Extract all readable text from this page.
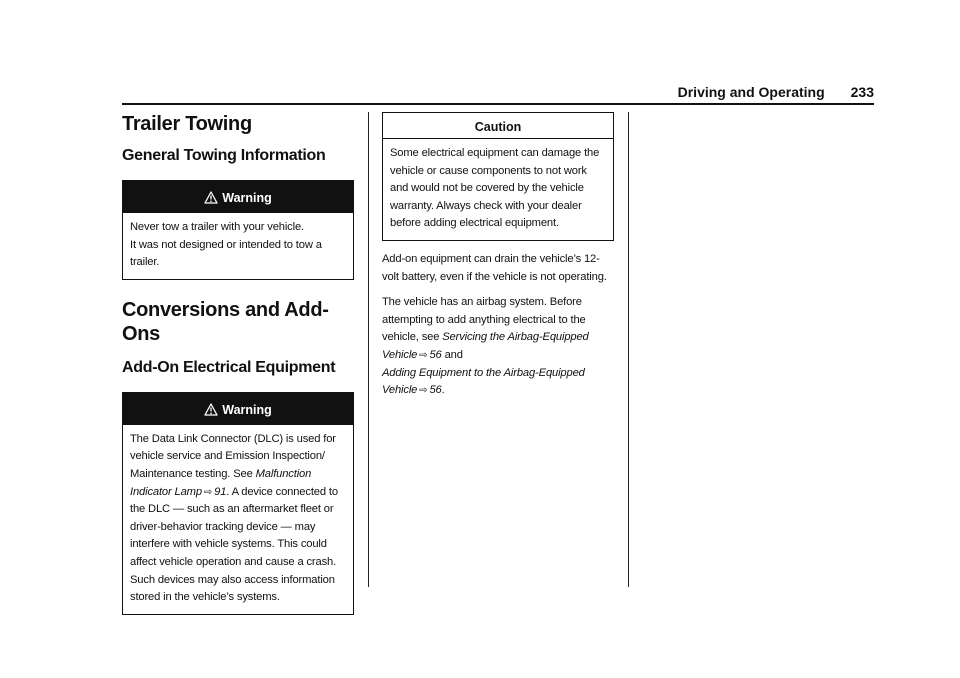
Driving and Operating 233
Trailer Towing
General Towing Information
Warning
Never tow a trailer with your vehicle.
It was not designed or intended to tow a trailer.
Conversions and Add-Ons
Add-On Electrical Equipment
Warning
The Data Link Connector (DLC) is used for vehicle service and Emission Inspection/ Maintenance testing. See Malfunction Indicator Lamp ⇨ 91. A device connected to the DLC — such as an aftermarket fleet or driver-behavior tracking device — may interfere with vehicle systems. This could affect vehicle operation and cause a crash. Such devices may also access information stored in the vehicle’s systems.
Caution
Some electrical equipment can damage the vehicle or cause components to not work and would not be covered by the vehicle warranty. Always check with your dealer before adding electrical equipment.

Add-on equipment can drain the vehicle’s 12-volt battery, even if the vehicle is not operating.

The vehicle has an airbag system. Before attempting to add anything electrical to the vehicle, see Servicing the Airbag-Equipped Vehicle ⇨ 56 and
Adding Equipment to the Airbag-Equipped Vehicle ⇨ 56.
